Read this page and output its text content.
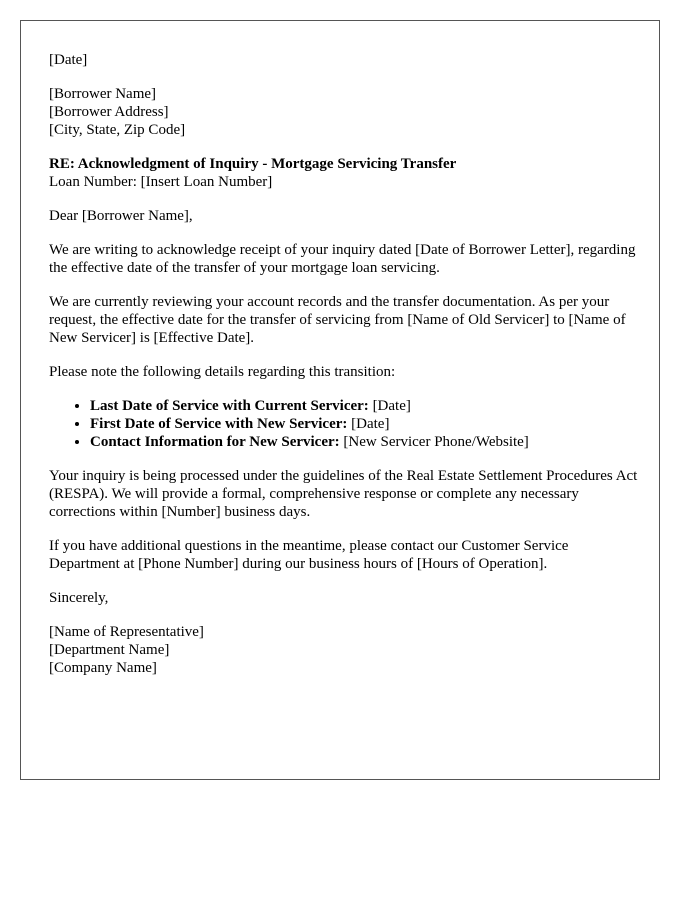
[Date]
[Borrower Name]
[Borrower Address]
[City, State, Zip Code]
RE: Acknowledgment of Inquiry - Mortgage Servicing Transfer
Loan Number: [Insert Loan Number]
Dear [Borrower Name],

We are writing to acknowledge receipt of your inquiry dated [Date of Borrower Letter], regarding the effective date of the transfer of your mortgage loan servicing.

We are currently reviewing your account records and the transfer documentation. As per your request, the effective date for the transfer of servicing from [Name of Old Servicer] to [Name of New Servicer] is [Effective Date].

Please note the following details regarding this transition:

• Last Date of Service with Current Servicer: [Date]
• First Date of Service with New Servicer: [Date]
• Contact Information for New Servicer: [New Servicer Phone/Website]

Your inquiry is being processed under the guidelines of the Real Estate Settlement Procedures Act (RESPA). We will provide a formal, comprehensive response or complete any necessary corrections within [Number] business days.

If you have additional questions in the meantime, please contact our Customer Service Department at [Phone Number] during our business hours of [Hours of Operation].

Sincerely,
[Name of Representative]
[Department Name]
[Company Name]
